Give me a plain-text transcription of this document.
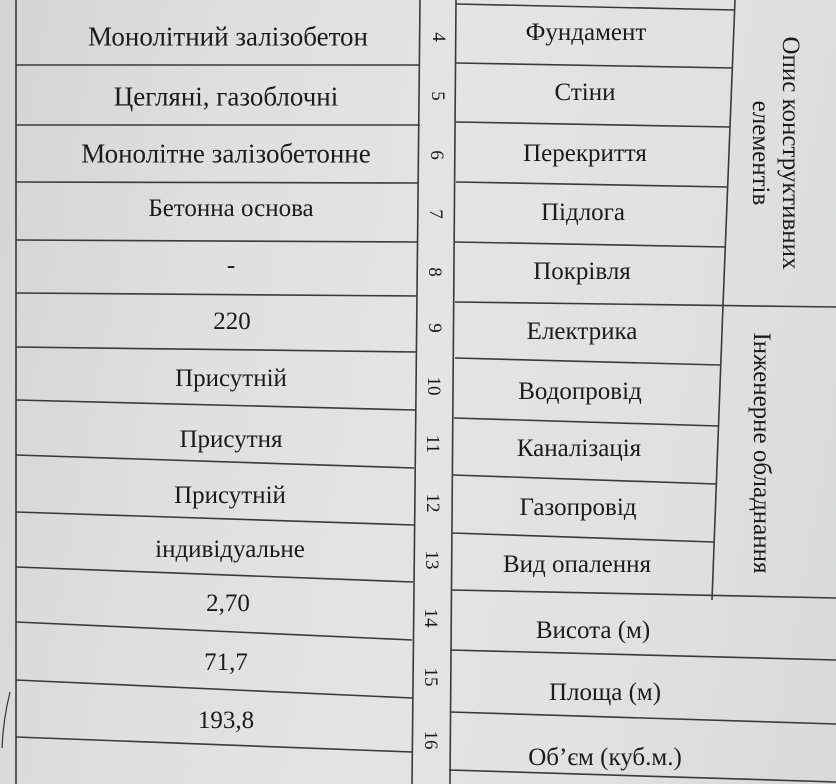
Монолітний залізобетон
Цегляні, газоблочні
Монолітне залізобетонне
Бетонна основа
-
220
Присутній
Присутня
Присутній
індивідуальне
2,70
71,7
193,8
4
5
6
7
8
9
10
11
12
13
14
15
16
Фундамент
Стіни
Перекриття
Підлога
Покрівля
Електрика
Водопровід
Каналізація
Газопровід
Вид опалення
Висота (м)
Площа (м)
Об’єм (куб.м.)
Опис конструктивних
елементів
Інженерне обладнання
